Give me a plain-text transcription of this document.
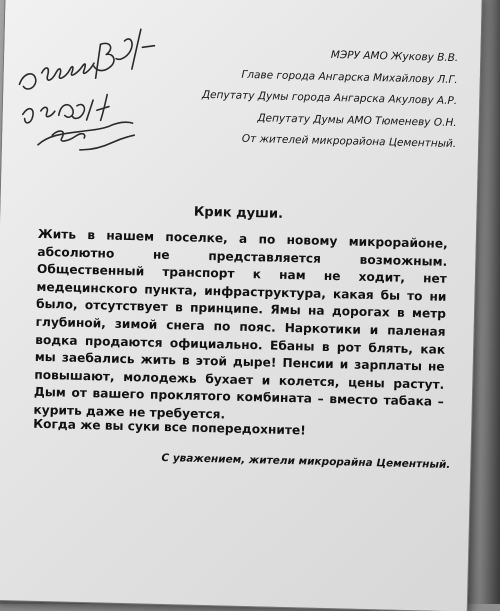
МЭРУ АМО Жукову В.В.
Главе города Ангарска Михайлову Л.Г.
Депутату Думы города Ангарска Акулову А.Р.
Депутату Думы АМО Тюменеву О.Н.
От жителей микрорайона Цементный.
Крик души.
Жить в нашем поселке, а по новому микрорайоне, абсолютно не представляется возможным. Общественный транспорт к нам не ходит, нет медецинского пункта, инфраструктура, какая бы то ни было, отсутствует в принципе. Ямы на дорогах в метр глубиной, зимой снега по пояс. Наркотики и паленая водка продаются официально. Ебаны в рот блять, как мы заебались жить в этой дыре! Пенсии и зарплаты не повышают, молодежь бухает и колется, цены растут. Дым от вашего проклятого комбината – вместо табака – курить даже не требуется.
Когда же вы суки все попередохните!
С уважением, жители микрорайна Цементный.
